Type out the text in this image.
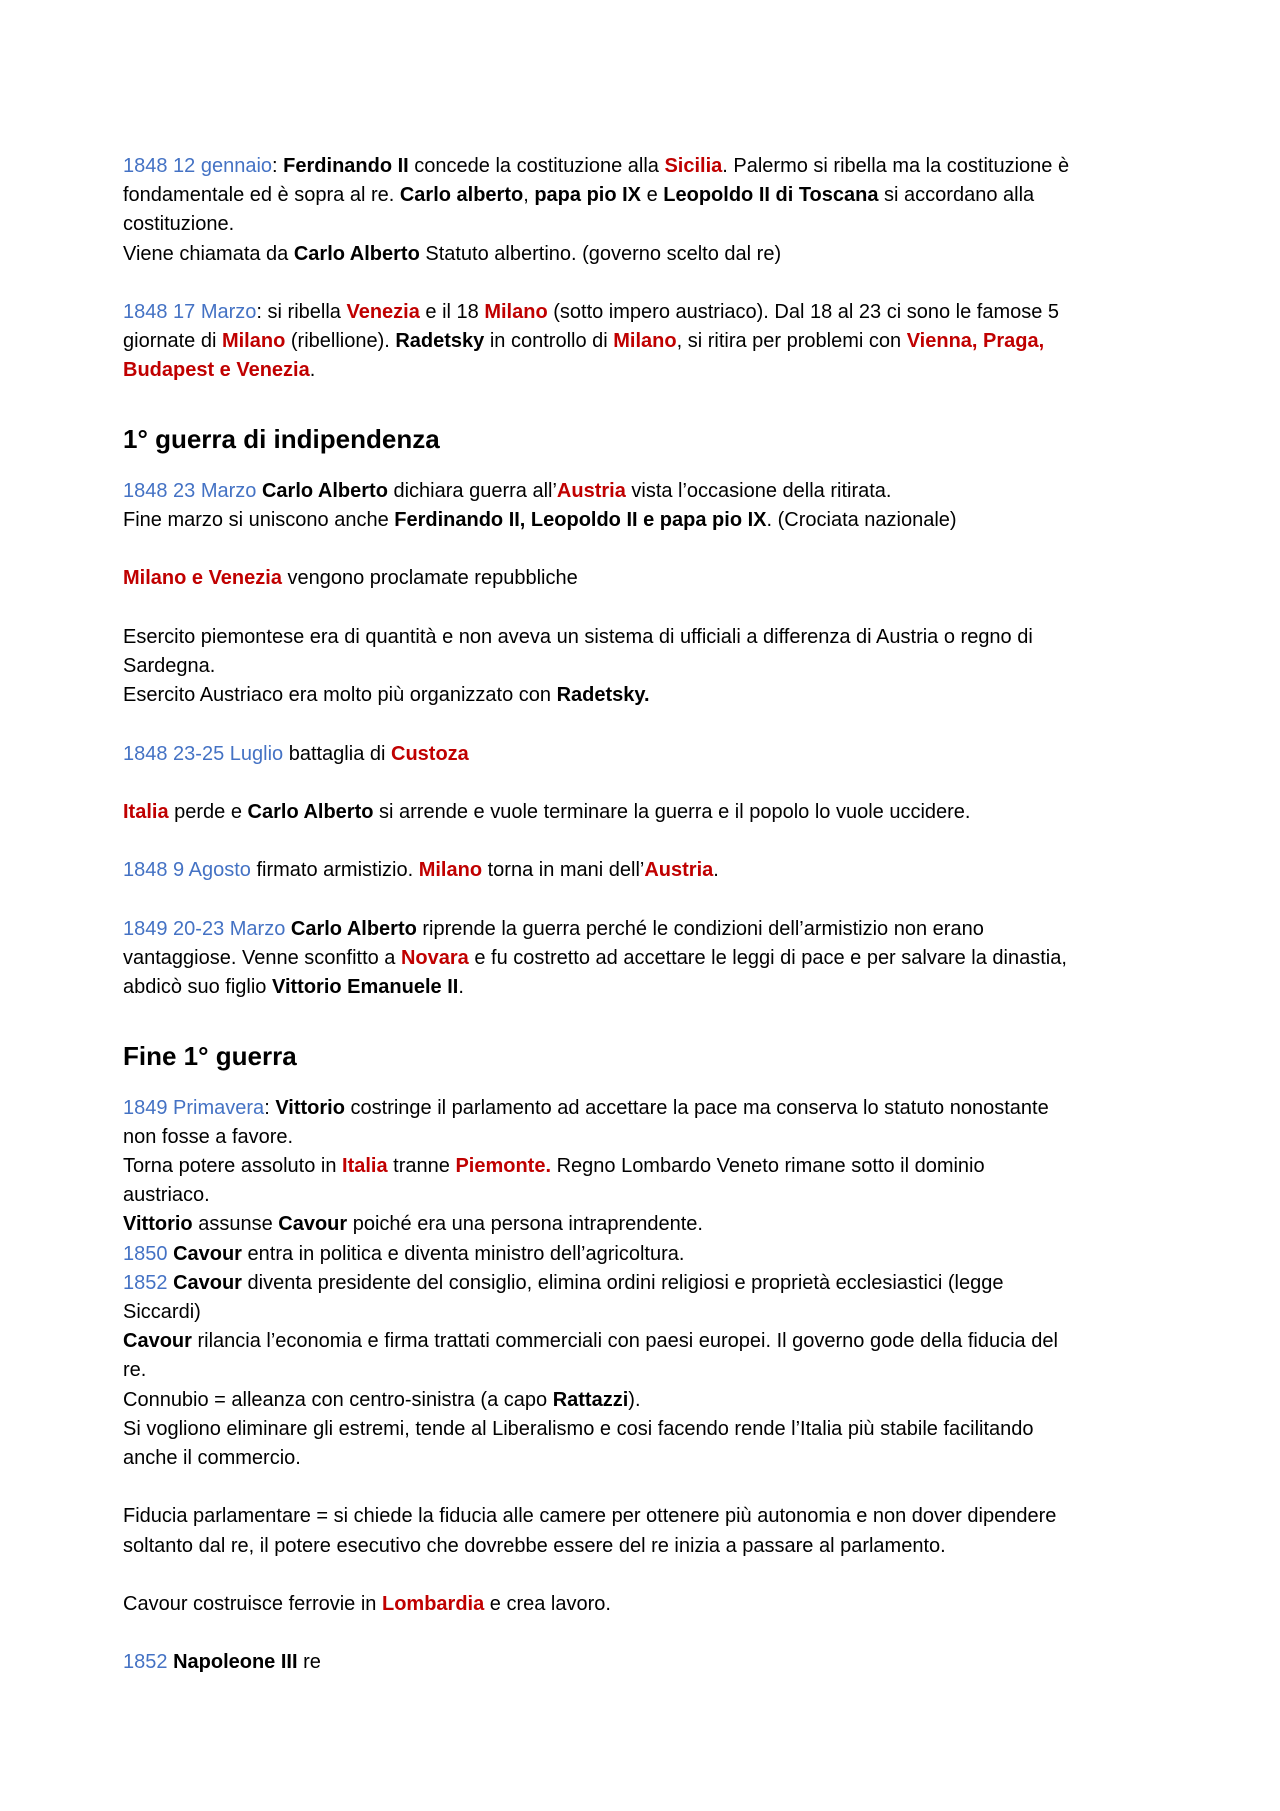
1848 12 gennaio: Ferdinando II concede la costituzione alla Sicilia. Palermo si ribella ma la costituzione è
fondamentale ed è sopra al re. Carlo alberto, papa pio IX e Leopoldo II di Toscana si accordano alla
costituzione.
Viene chiamata da Carlo Alberto Statuto albertino. (governo scelto dal re)

1848 17 Marzo: si ribella Venezia e il 18 Milano (sotto impero austriaco). Dal 18 al 23 ci sono le famose 5
giornate di Milano (ribellione). Radetsky in controllo di Milano, si ritira per problemi con Vienna, Praga,
Budapest e Venezia.

1° guerra di indipendenza

1848 23 Marzo Carlo Alberto dichiara guerra all’Austria vista l’occasione della ritirata.
Fine marzo si uniscono anche Ferdinando II, Leopoldo II e papa pio IX. (Crociata nazionale)

Milano e Venezia vengono proclamate repubbliche

Esercito piemontese era di quantità e non aveva un sistema di ufficiali a differenza di Austria o regno di
Sardegna.
Esercito Austriaco era molto più organizzato con Radetsky.

1848 23-25 Luglio battaglia di Custoza

Italia perde e Carlo Alberto si arrende e vuole terminare la guerra e il popolo lo vuole uccidere.

1848 9 Agosto firmato armistizio. Milano torna in mani dell’Austria.

1849 20-23 Marzo Carlo Alberto riprende la guerra perché le condizioni dell’armistizio non erano
vantaggiose. Venne sconfitto a Novara e fu costretto ad accettare le leggi di pace e per salvare la dinastia,
abdicò suo figlio Vittorio Emanuele II.

Fine 1° guerra

1849 Primavera: Vittorio costringe il parlamento ad accettare la pace ma conserva lo statuto nonostante
non fosse a favore.
Torna potere assoluto in Italia tranne Piemonte. Regno Lombardo Veneto rimane sotto il dominio
austriaco.
Vittorio assunse Cavour poiché era una persona intraprendente.
1850 Cavour entra in politica e diventa ministro dell’agricoltura.
1852 Cavour diventa presidente del consiglio, elimina ordini religiosi e proprietà ecclesiastici (legge
Siccardi)
Cavour rilancia l’economia e firma trattati commerciali con paesi europei. Il governo gode della fiducia del
re.
Connubio = alleanza con centro-sinistra (a capo Rattazzi).
Si vogliono eliminare gli estremi, tende al Liberalismo e cosi facendo rende l’Italia più stabile facilitando
anche il commercio.

Fiducia parlamentare = si chiede la fiducia alle camere per ottenere più autonomia e non dover dipendere
soltanto dal re, il potere esecutivo che dovrebbe essere del re inizia a passare al parlamento.

Cavour costruisce ferrovie in Lombardia e crea lavoro.

1852 Napoleone III re
